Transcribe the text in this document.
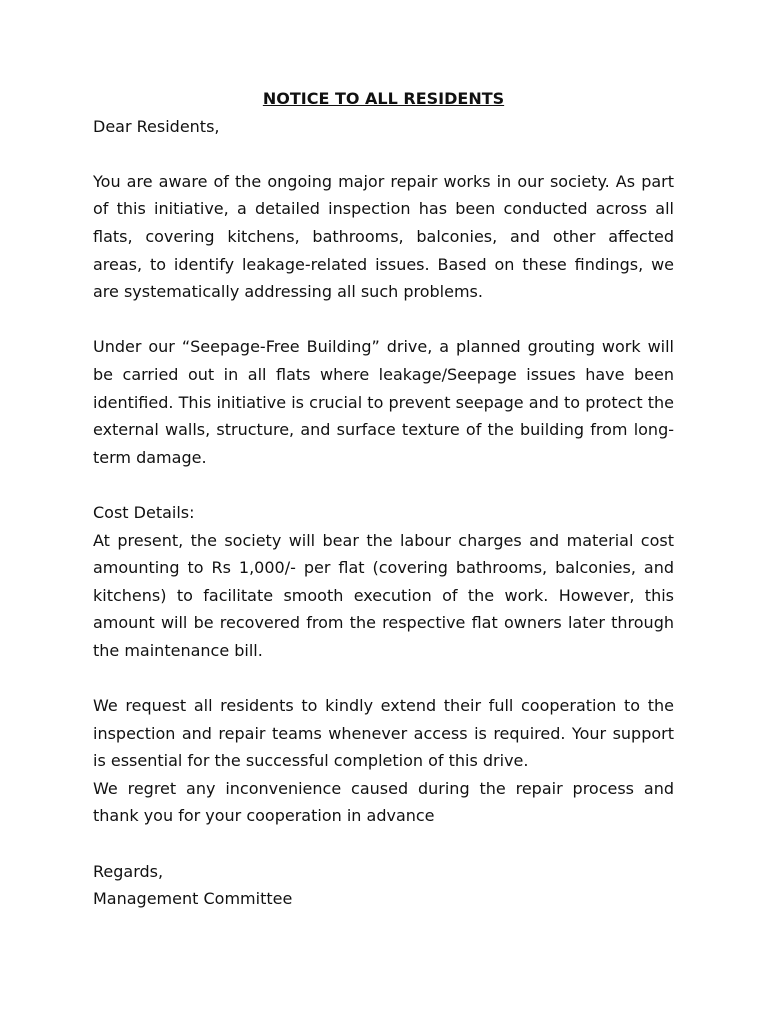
NOTICE TO ALL RESIDENTS

Dear Residents,

You are aware of the ongoing major repair works in our society. As part of this initiative, a detailed inspection has been conducted across all flats, covering kitchens, bathrooms, balconies, and other affected areas, to identify leakage-related issues. Based on these findings, we are systematically addressing all such problems.

Under our “Seepage-Free Building” drive, a planned grouting work will be carried out in all flats where leakage/Seepage issues have been identified. This initiative is crucial to prevent seepage and to protect the external walls, structure, and surface texture of the building from long-term damage.

Cost Details:

At present, the society will bear the labour charges and material cost amounting to Rs 1,000/- per flat (covering bathrooms, balconies, and kitchens) to facilitate smooth execution of the work. However, this amount will be recovered from the respective flat owners later through the maintenance bill.

We request all residents to kindly extend their full cooperation to the inspection and repair teams whenever access is required. Your support is essential for the successful completion of this drive.

We regret any inconvenience caused during the repair process and thank you for your cooperation in advance

Regards,

Management Committee
